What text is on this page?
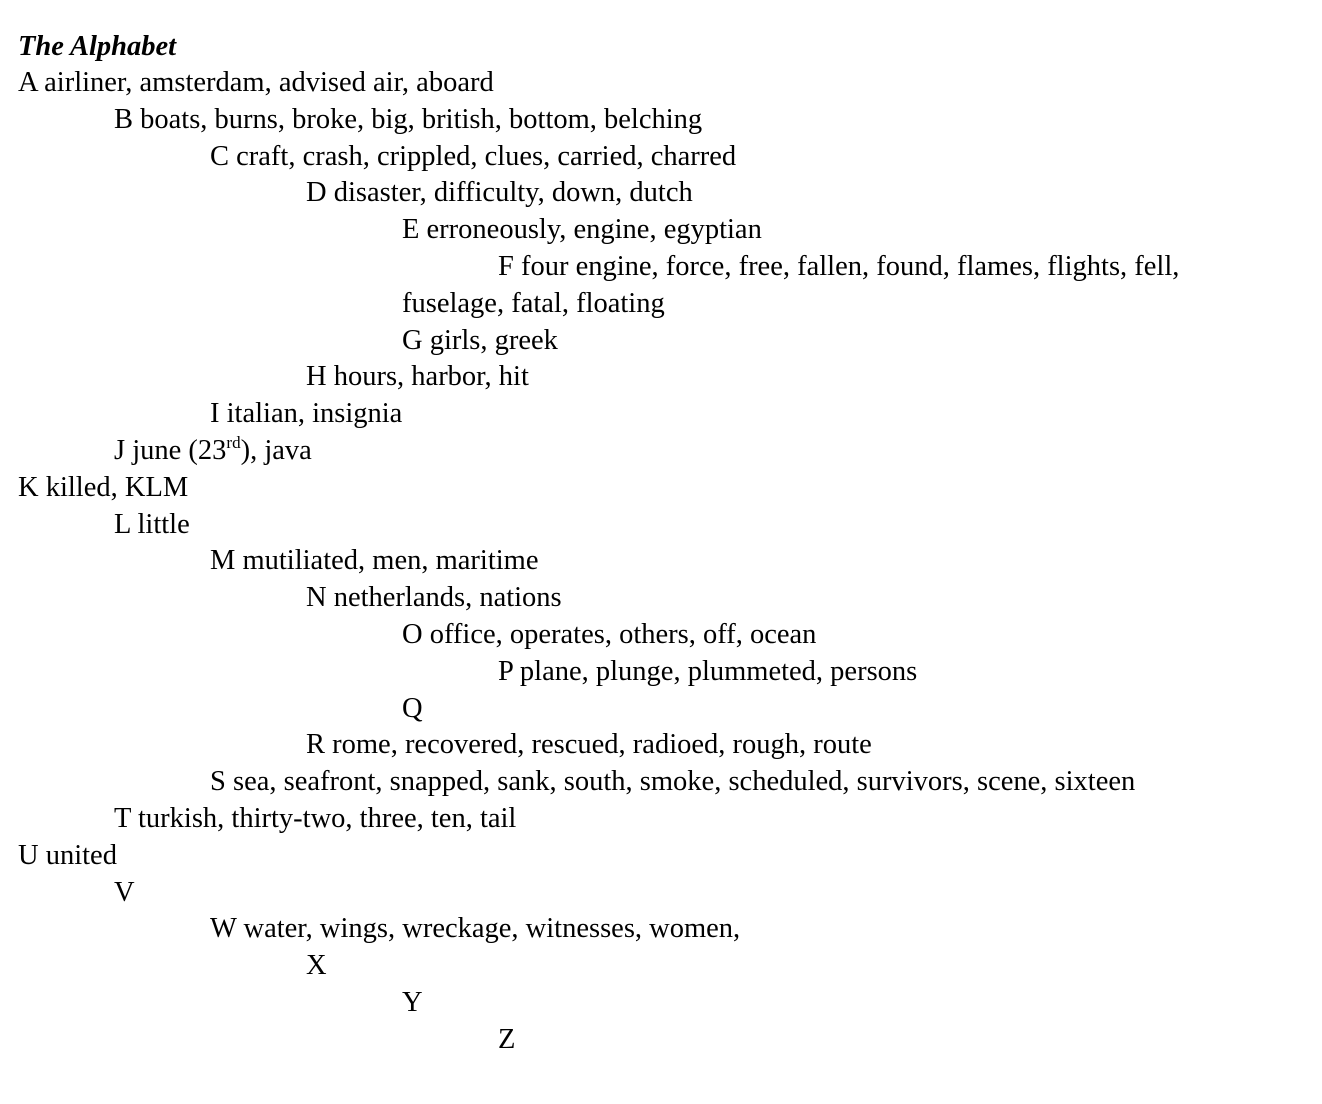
The Alphabet

A airliner, amsterdam, advised air, aboard

B boats, burns, broke, big, british, bottom, belching

C craft, crash, crippled, clues, carried, charred

D disaster, difficulty, down, dutch

E erroneously, engine, egyptian

F four engine, force, free, fallen, found, flames, flights, fell,

fuselage, fatal, floating

G girls, greek

H hours, harbor, hit

I italian, insignia

J june (23rd), java

K killed, KLM

L little

M mutiliated, men, maritime

N netherlands, nations

O office, operates, others, off, ocean

P plane, plunge, plummeted, persons

Q

R rome, recovered, rescued, radioed, rough, route

S sea, seafront, snapped, sank, south, smoke, scheduled, survivors, scene, sixteen

T turkish, thirty-two, three, ten, tail

U united

V

W water, wings, wreckage, witnesses, women,

X

Y

Z
